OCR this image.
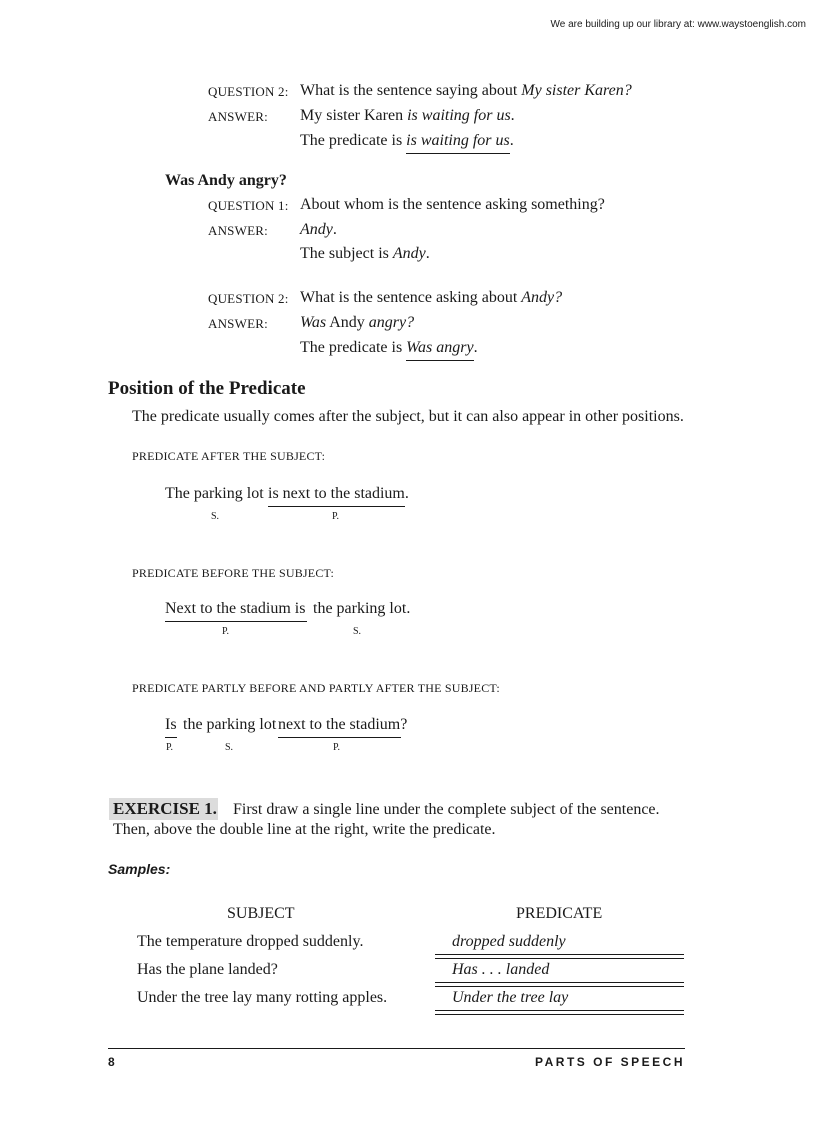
We are building up our library at: www.waystoenglish.com
QUESTION 2: What is the sentence saying about My sister Karen?
ANSWER: My sister Karen is waiting for us.
The predicate is is waiting for us.
Was Andy angry?
QUESTION 1: About whom is the sentence asking something?
ANSWER: Andy.
The subject is Andy.
QUESTION 2: What is the sentence asking about Andy?
ANSWER: Was Andy angry?
The predicate is Was angry.
Position of the Predicate
The predicate usually comes after the subject, but it can also appear in other positions.
PREDICATE AFTER THE SUBJECT:
The parking lot is next to the stadium.
S.	P.
PREDICATE BEFORE THE SUBJECT:
Next to the stadium is the parking lot.
P.	S.
PREDICATE PARTLY BEFORE AND PARTLY AFTER THE SUBJECT:
Is the parking lot next to the stadium?
P.	S.	P.
EXERCISE 1. First draw a single line under the complete subject of the sentence.
Then, above the double line at the right, write the predicate.
Samples:
SUBJECT	PREDICATE
The temperature dropped suddenly.	dropped suddenly
Has the plane landed?	Has . . . landed
Under the tree lay many rotting apples.	Under the tree lay
8	PARTS OF SPEECH
